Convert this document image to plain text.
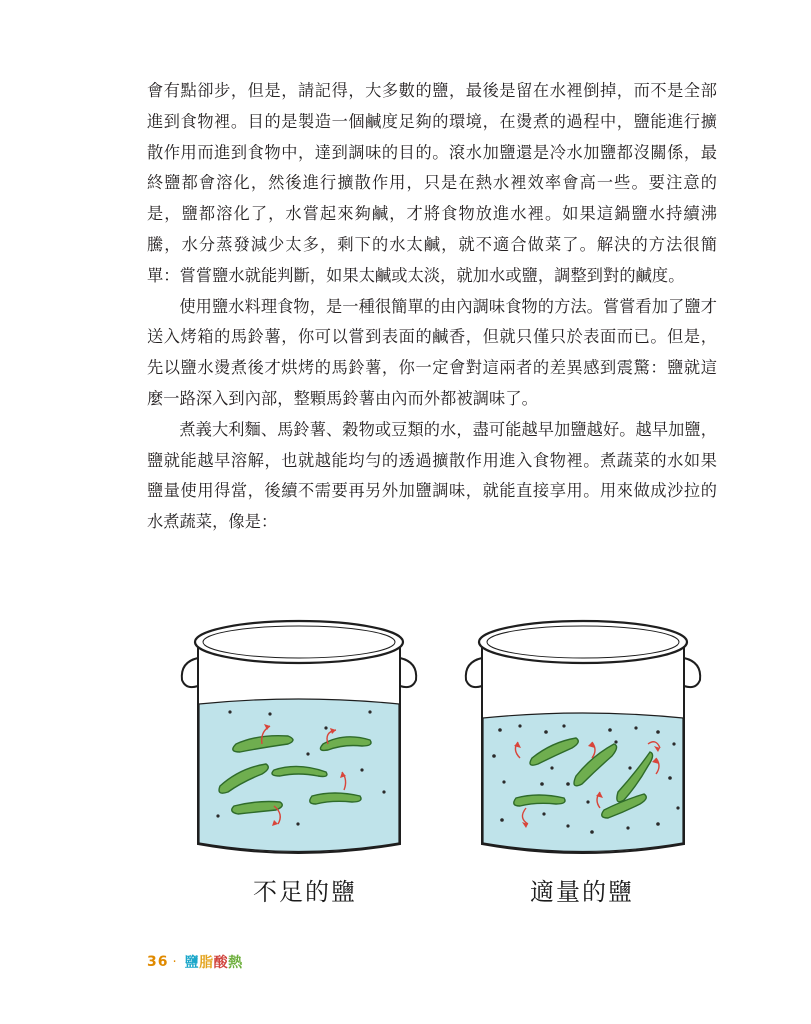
會有點卻步，但是，請記得，大多數的鹽，最後是留在水裡倒掉，而不是全部進到食物裡。目的是製造一個鹹度足夠的環境，在燙煮的過程中，鹽能進行擴散作用而進到食物中，達到調味的目的。滾水加鹽還是冷水加鹽都沒關係，最終鹽都會溶化，然後進行擴散作用，只是在熱水裡效率會高一些。要注意的是，鹽都溶化了，水嘗起來夠鹹，才將食物放進水裡。如果這鍋鹽水持續沸騰，水分蒸發減少太多，剩下的水太鹹，就不適合做菜了。解決的方法很簡單：嘗嘗鹽水就能判斷，如果太鹹或太淡，就加水或鹽，調整到對的鹹度。

使用鹽水料理食物，是一種很簡單的由內調味食物的方法。嘗嘗看加了鹽才送入烤箱的馬鈴薯，你可以嘗到表面的鹹香，但就只僅只於表面而已。但是，先以鹽水燙煮後才烘烤的馬鈴薯，你一定會對這兩者的差異感到震驚：鹽就這麼一路深入到內部，整顆馬鈴薯由內而外都被調味了。

煮義大利麵、馬鈴薯、穀物或豆類的水，盡可能越早加鹽越好。越早加鹽，鹽就能越早溶解，也就越能均勻的透過擴散作用進入食物裡。煮蔬菜的水如果鹽量使用得當，後續不需要再另外加鹽調味，就能直接享用。用來做成沙拉的水煮蔬菜，像是：

不足的鹽	適量的鹽
36 · 鹽脂酸熱
